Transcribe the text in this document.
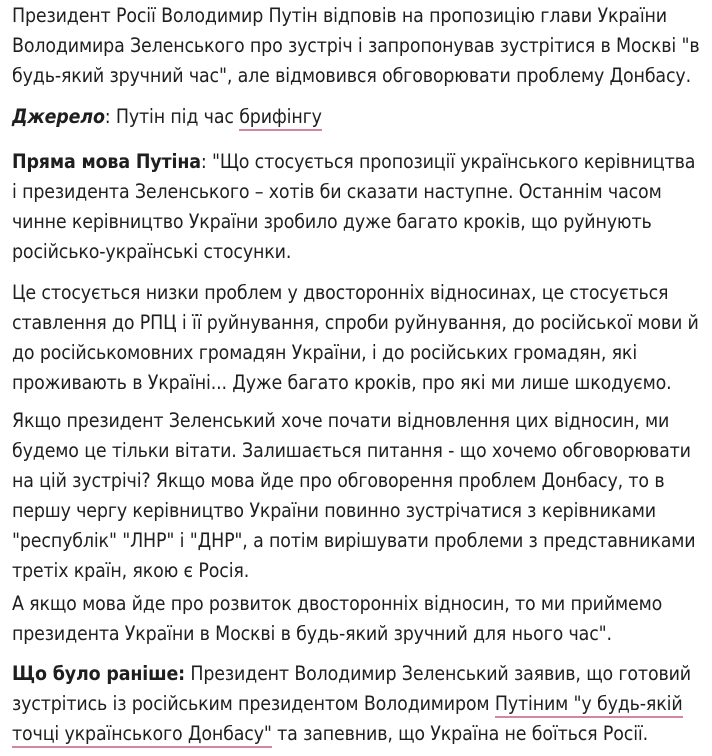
Президент Росії Володимир Путін відповів на пропозицію глави України Володимира Зеленського про зустріч і запропонував зустрітися в Москві "в будь-який зручний час", але відмовився обговорювати проблему Донбасу.

Джерело: Путін під час брифінгу

Пряма мова Путіна: "Що стосується пропозиції українського керівництва і президента Зеленського – хотів би сказати наступне. Останнім часом чинне керівництво України зробило дуже багато кроків, що руйнують російсько-українські стосунки.

Це стосується низки проблем у двосторонніх відносинах, це стосується ставлення до РПЦ і її руйнування, спроби руйнування, до російської мови й до російськомовних громадян України, і до російських громадян, які проживають в Україні... Дуже багато кроків, про які ми лише шкодуємо.

Якщо президент Зеленський хоче почати відновлення цих відносин, ми будемо це тільки вітати. Залишається питання - що хочемо обговорювати на цій зустрічі? Якщо мова йде про обговорення проблем Донбасу, то в першу чергу керівництво України повинно зустрічатися з керівниками "республік" "ЛНР" і "ДНР", а потім вирішувати проблеми з представниками третіх країн, якою є Росія.

А якщо мова йде про розвиток двосторонніх відносин, то ми приймемо президента України в Москві в будь-який зручний для нього час".

Що було раніше: Президент Володимир Зеленський заявив, що готовий зустрітись із російським президентом Володимиром Путіним "у будь-якій точці українського Донбасу" та запевнив, що Україна не боїться Росії.
